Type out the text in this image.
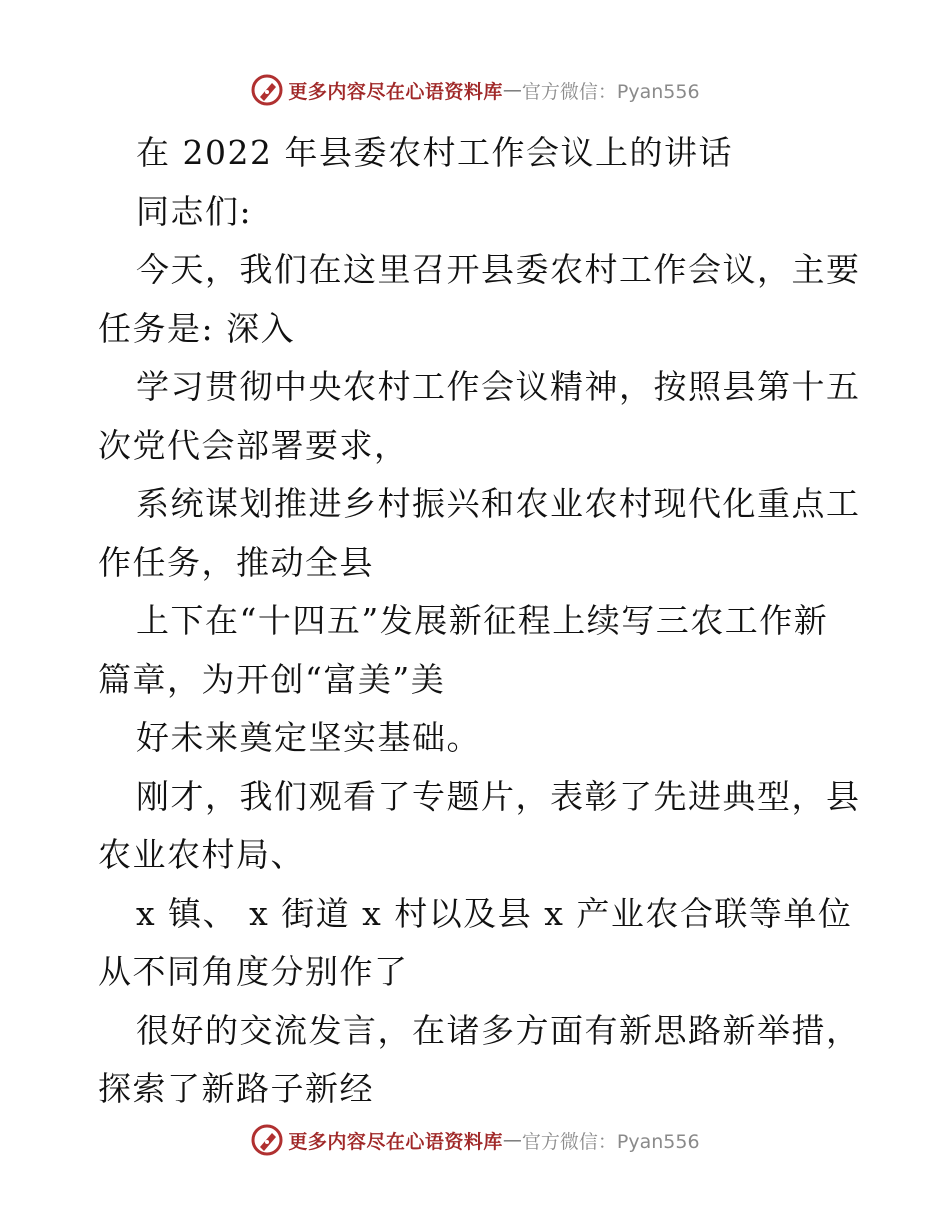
更多内容尽在心语资料库 — 官方微信：Pyan556
在 2022 年县委农村工作会议上的讲话
同志们:
今天，我们在这里召开县委农村工作会议，主要
任务是: 深入
学习贯彻中央农村工作会议精神，按照县第十五
次党代会部署要求，
系统谋划推进乡村振兴和农业农村现代化重点工
作任务，推动全县
上下在“十四五”发展新征程上续写三农工作新
篇章，为开创“富美”美
好未来奠定坚实基础。
刚才，我们观看了专题片，表彰了先进典型，县
农业农村局、
x 镇、 x 街道 x 村以及县 x 产业农合联等单位
从不同角度分别作了
很好的交流发言，在诸多方面有新思路新举措，
探索了新路子新经
更多内容尽在心语资料库 — 官方微信：Pyan556
